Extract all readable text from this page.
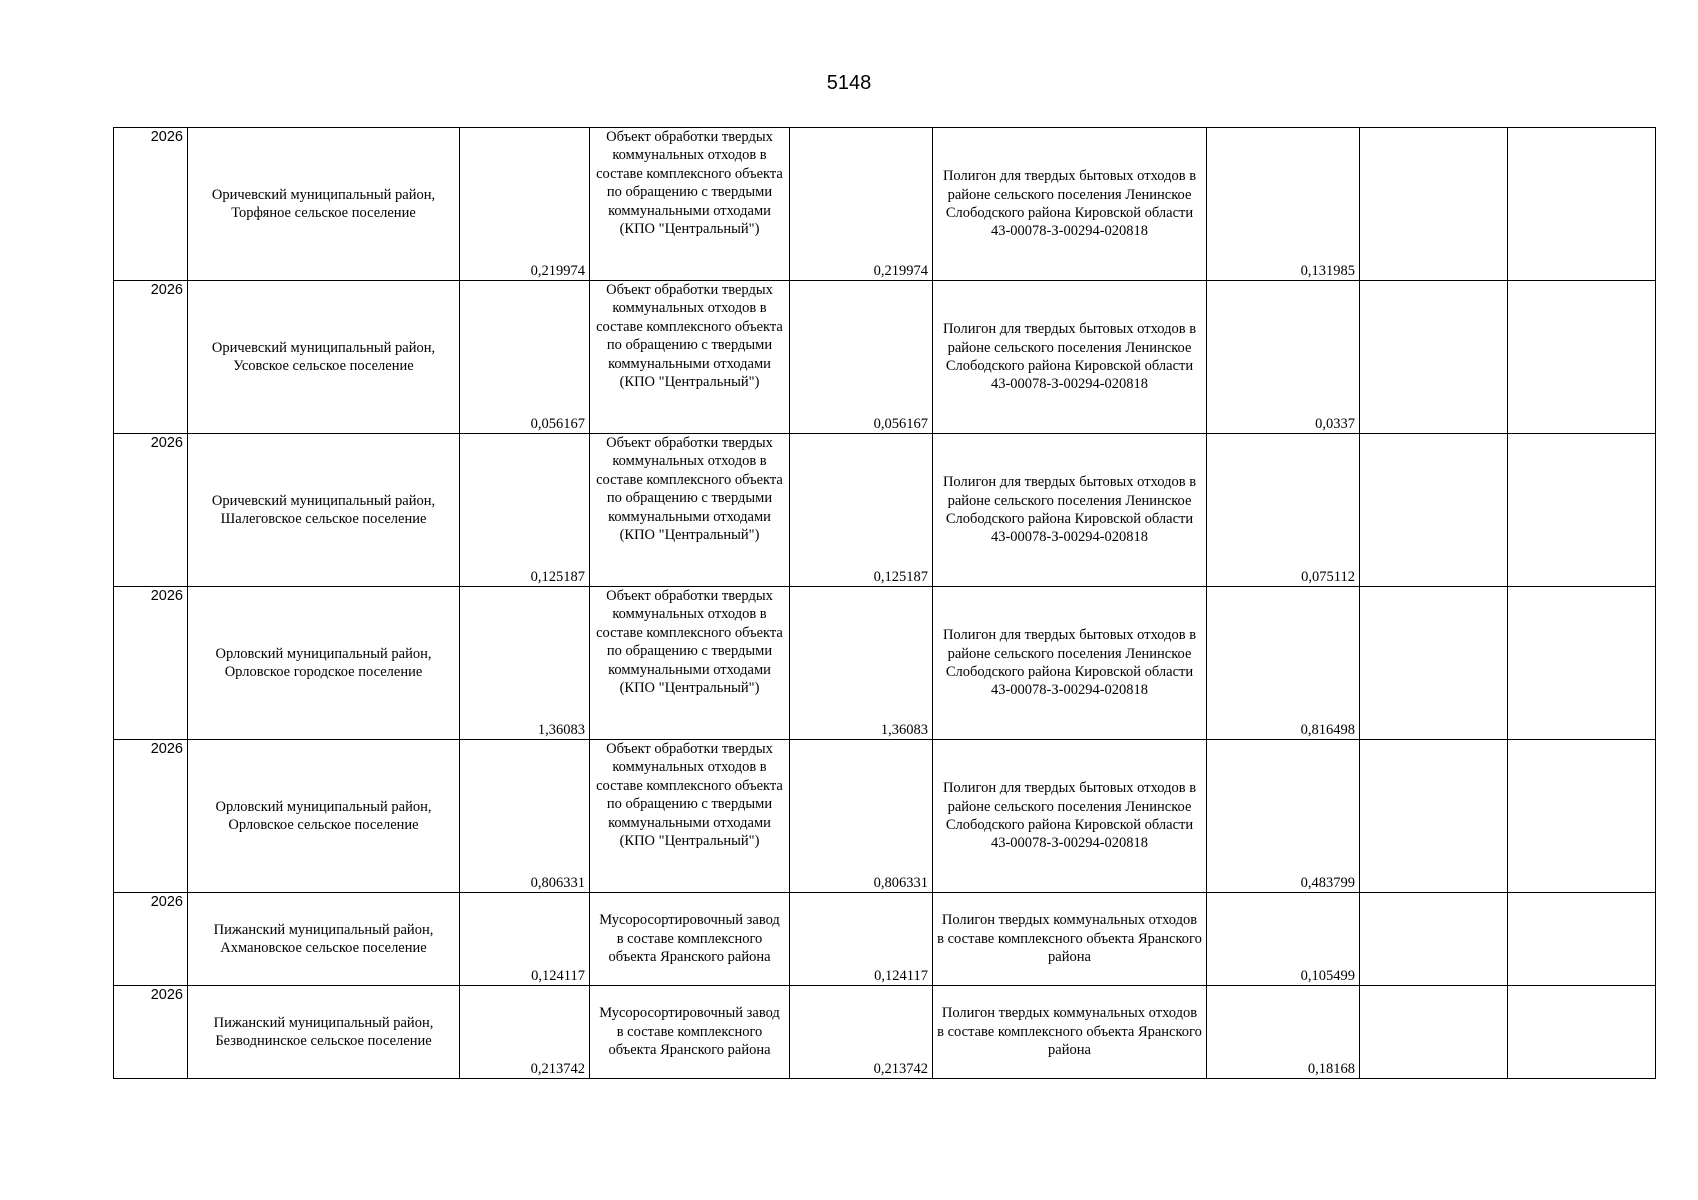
5148
2026	Оричевский муниципальный район, Торфяное сельское поселение	0,219974	Объект обработки твердых коммунальных отходов в составе комплексного объекта по обращению с твердыми коммунальными отходами (КПО "Центральный")	0,219974	Полигон для твердых бытовых отходов в районе сельского поселения Ленинское Слободского района Кировской области 43-00078-З-00294-020818	0,131985		
2026	Оричевский муниципальный район, Усовское сельское поселение	0,056167	Объект обработки твердых коммунальных отходов в составе комплексного объекта по обращению с твердыми коммунальными отходами (КПО "Центральный")	0,056167	Полигон для твердых бытовых отходов в районе сельского поселения Ленинское Слободского района Кировской области 43-00078-З-00294-020818	0,0337		
2026	Оричевский муниципальный район, Шалеговское сельское поселение	0,125187	Объект обработки твердых коммунальных отходов в составе комплексного объекта по обращению с твердыми коммунальными отходами (КПО "Центральный")	0,125187	Полигон для твердых бытовых отходов в районе сельского поселения Ленинское Слободского района Кировской области 43-00078-З-00294-020818	0,075112		
2026	Орловский муниципальный район, Орловское городское поселение	1,36083	Объект обработки твердых коммунальных отходов в составе комплексного объекта по обращению с твердыми коммунальными отходами (КПО "Центральный")	1,36083	Полигон для твердых бытовых отходов в районе сельского поселения Ленинское Слободского района Кировской области 43-00078-З-00294-020818	0,816498		
2026	Орловский муниципальный район, Орловское сельское поселение	0,806331	Объект обработки твердых коммунальных отходов в составе комплексного объекта по обращению с твердыми коммунальными отходами (КПО "Центральный")	0,806331	Полигон для твердых бытовых отходов в районе сельского поселения Ленинское Слободского района Кировской области 43-00078-З-00294-020818	0,483799		
2026	Пижанский муниципальный район, Ахмановское сельское поселение	0,124117	Мусоросортировочный завод в составе комплексного объекта Яранского района	0,124117	Полигон твердых коммунальных отходов в составе комплексного объекта Яранского района	0,105499		
2026	Пижанский муниципальный район, Безводнинское сельское поселение	0,213742	Мусоросортировочный завод в составе комплексного объекта Яранского района	0,213742	Полигон твердых коммунальных отходов в составе комплексного объекта Яранского района	0,18168		
